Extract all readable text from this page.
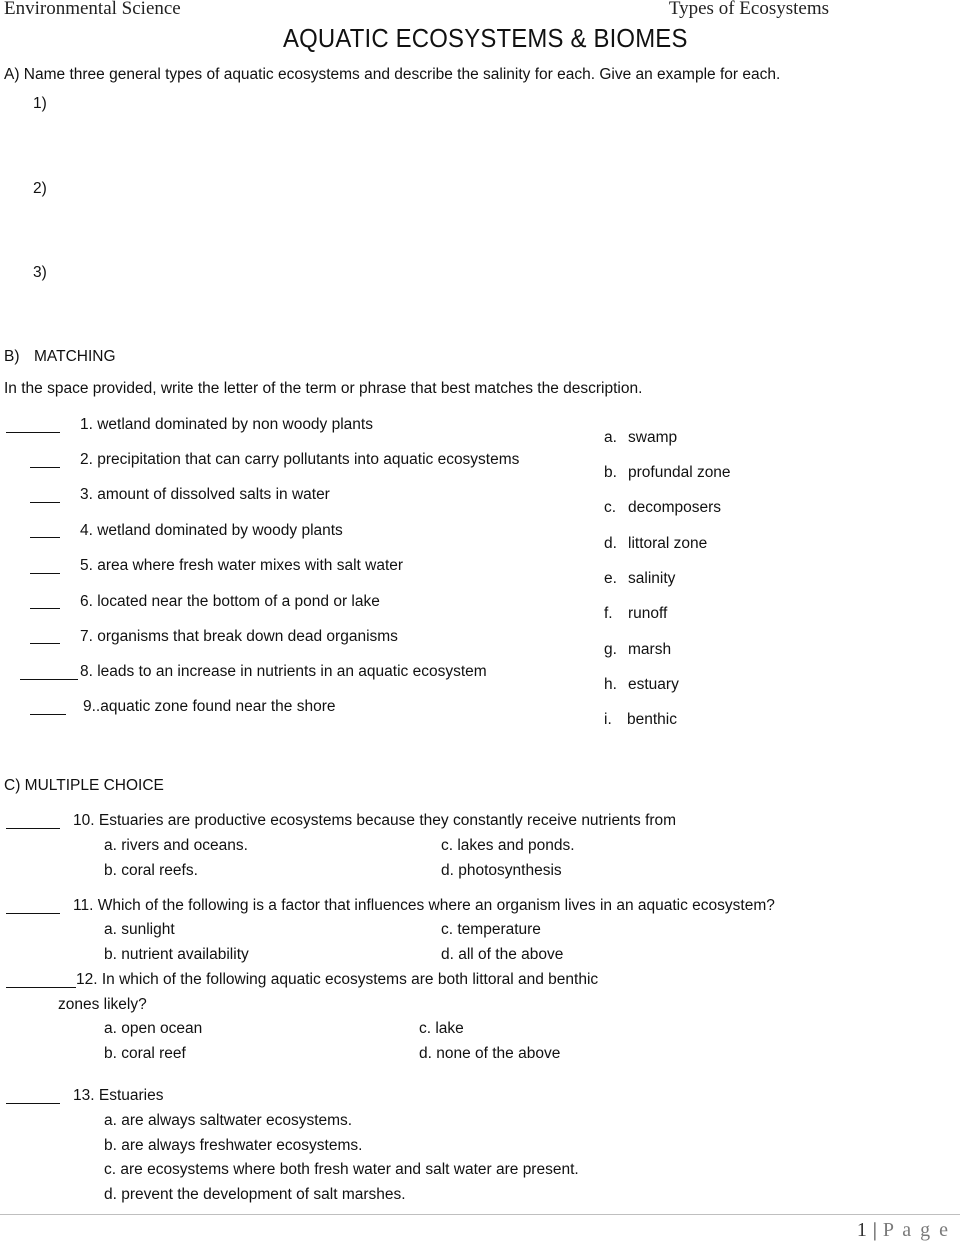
Environmental Science	Types of Ecosystems
AQUATIC ECOSYSTEMS & BIOMES
A) Name three general types of aquatic ecosystems and describe the salinity for each. Give an example for each.
1)
2)
3)
B) MATCHING
In the space provided, write the letter of the term or phrase that best matches the description.
1. wetland dominated by non woody plants
2. precipitation that can carry pollutants into aquatic ecosystems
3. amount of dissolved salts in water
4. wetland dominated by woody plants
5. area where fresh water mixes with salt water
6. located near the bottom of a pond or lake
7. organisms that break down dead organisms
8. leads to an increase in nutrients in an aquatic ecosystem
9..aquatic zone found near the shore
a. swamp
b. profundal zone
c. decomposers
d. littoral zone
e. salinity
f. runoff
g. marsh
h. estuary
i. benthic
C) MULTIPLE CHOICE
10. Estuaries are productive ecosystems because they constantly receive nutrients from
a. rivers and oceans.
b. coral reefs.
c. lakes and ponds.
d. photosynthesis
11. Which of the following is a factor that influences where an organism lives in an aquatic ecosystem?
a. sunlight
b. nutrient availability
c. temperature
d. all of the above
12. In which of the following aquatic ecosystems are both littoral and benthic
zones likely?
a. open ocean
b. coral reef
c. lake
d. none of the above
13. Estuaries
a. are always saltwater ecosystems.
b. are always freshwater ecosystems.
c. are ecosystems where both fresh water and salt water are present.
d. prevent the development of salt marshes.
1 | P a g e
